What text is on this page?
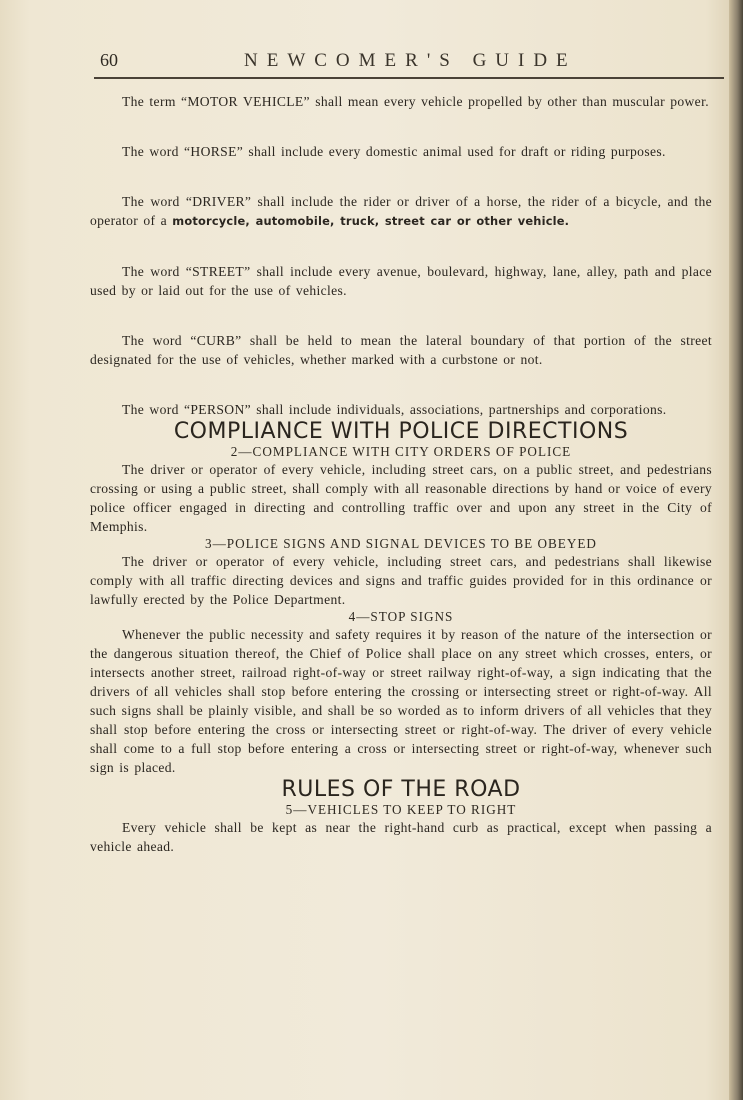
60	NEWCOMER'S GUIDE

The term “MOTOR VEHICLE” shall mean every vehicle propelled by other than muscular power.

The word “HORSE” shall include every domestic animal used for draft or riding purposes.

The word “DRIVER” shall include the rider or driver of a horse, the rider of a bicycle, and the operator of a motorcycle, automobile, truck, street car or other vehicle.

The word “STREET” shall include every avenue, boulevard, highway, lane, alley, path and place used by or laid out for the use of vehicles.

The word “CURB” shall be held to mean the lateral boundary of that portion of the street designated for the use of vehicles, whether marked with a curbstone or not.

The word “PERSON” shall include individuals, associations, partnerships and corporations.

COMPLIANCE WITH POLICE DIRECTIONS
2—COMPLIANCE WITH CITY ORDERS OF POLICE

The driver or operator of every vehicle, including street cars, on a public street, and pedestrians crossing or using a public street, shall comply with all reasonable directions by hand or voice of every police officer engaged in directing and controlling traffic over and upon any street in the City of Memphis.

3—POLICE SIGNS AND SIGNAL DEVICES TO BE OBEYED

The driver or operator of every vehicle, including street cars, and pedestrians shall likewise comply with all traffic directing devices and signs and traffic guides provided for in this ordinance or lawfully erected by the Police Department.

4—STOP SIGNS

Whenever the public necessity and safety requires it by reason of the nature of the intersection or the dangerous situation thereof, the Chief of Police shall place on any street which crosses, enters, or intersects another street, railroad right-of-way or street railway right-of-way, a sign indicating that the drivers of all vehicles shall stop before entering the crossing or intersecting street or right-of-way. All such signs shall be plainly visible, and shall be so worded as to inform drivers of all vehicles that they shall stop before entering the cross or intersecting street or right-of-way. The driver of every vehicle shall come to a full stop before entering a cross or intersecting street or right-of-way, whenever such sign is placed.

RULES OF THE ROAD
5—VEHICLES TO KEEP TO RIGHT

Every vehicle shall be kept as near the right-hand curb as practical, except when passing a vehicle ahead.
